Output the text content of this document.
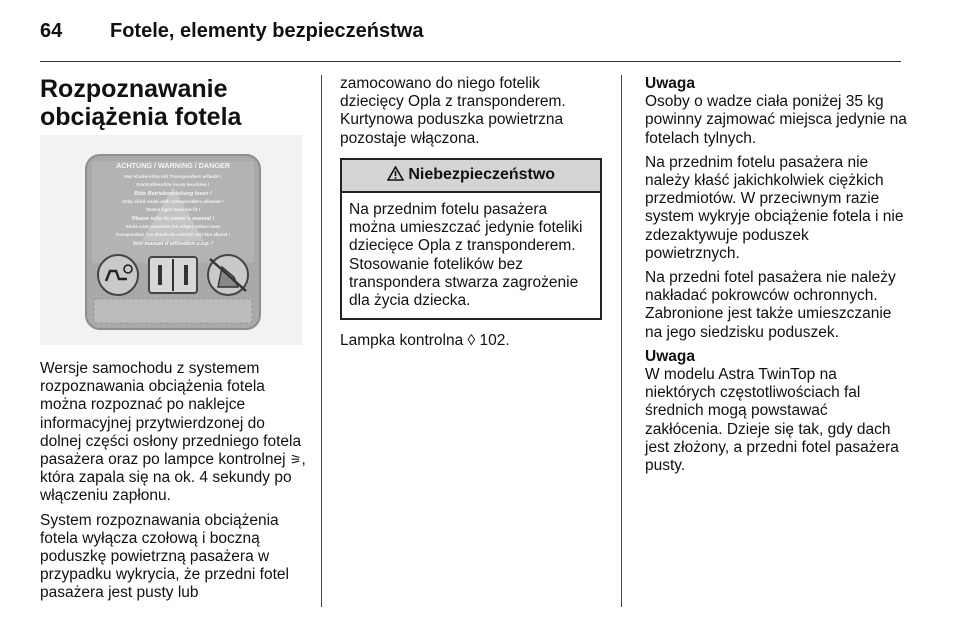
64 Fotele, elementy bezpieczeństwa
Rozpoznawanie
obciążenia fotela
ACHTUNG / WARNING / DANGER
Nur Kindersitze mit Transpondern erlaubt !
Kontrollleuchte muss leuchten !
Bitte Betriebsanleitung lesen !
Only child seats with transponders allowed !
Status light must be lit !
Please refer to owner's manual !
Seuls sont autorisés les sièges enfant avec
transpondeur ! Le témoin de contrôle doit être allumé !
Voir manuel d'utilisation s.v.p. !

Wersje samochodu z systemem rozpoznawania obciążenia fotela można rozpoznać po naklejce informacyjnej przytwierdzonej do dolnej części osłony przedniego fotela pasażera oraz po lampce kontrolnej ⚞, która zapala się na ok. 4 sekundy po włączeniu zapłonu.

System rozpoznawania obciążenia fotela wyłącza czołową i boczną poduszkę powietrzną pasażera w przypadku wykrycia, że przedni fotel pasażera jest pusty lub

zamocowano do niego fotelik dziecięcy Opla z transponderem. Kurtynowa poduszka powietrzna pozostaje włączona.

Niebezpieczeństwo
Na przednim fotelu pasażera można umieszczać jedynie foteliki dziecięce Opla z transponderem. Stosowanie fotelików bez transpondera stwarza zagrożenie dla życia dziecka.

Lampka kontrolna ◊ 102.

Uwaga
Osoby o wadze ciała poniżej 35 kg powinny zajmować miejsca jedynie na fotelach tylnych.

Na przednim fotelu pasażera nie należy kłaść jakichkolwiek ciężkich przedmiotów. W przeciwnym razie system wykryje obciążenie fotela i nie zdezaktywuje poduszek powietrznych.

Na przedni fotel pasażera nie należy nakładać pokrowców ochronnych. Zabronione jest także umieszczanie na jego siedzisku poduszek.

Uwaga
W modelu Astra TwinTop na niektórych częstotliwościach fal średnich mogą powstawać zakłócenia. Dzieje się tak, gdy dach jest złożony, a przedni fotel pasażera pusty.
